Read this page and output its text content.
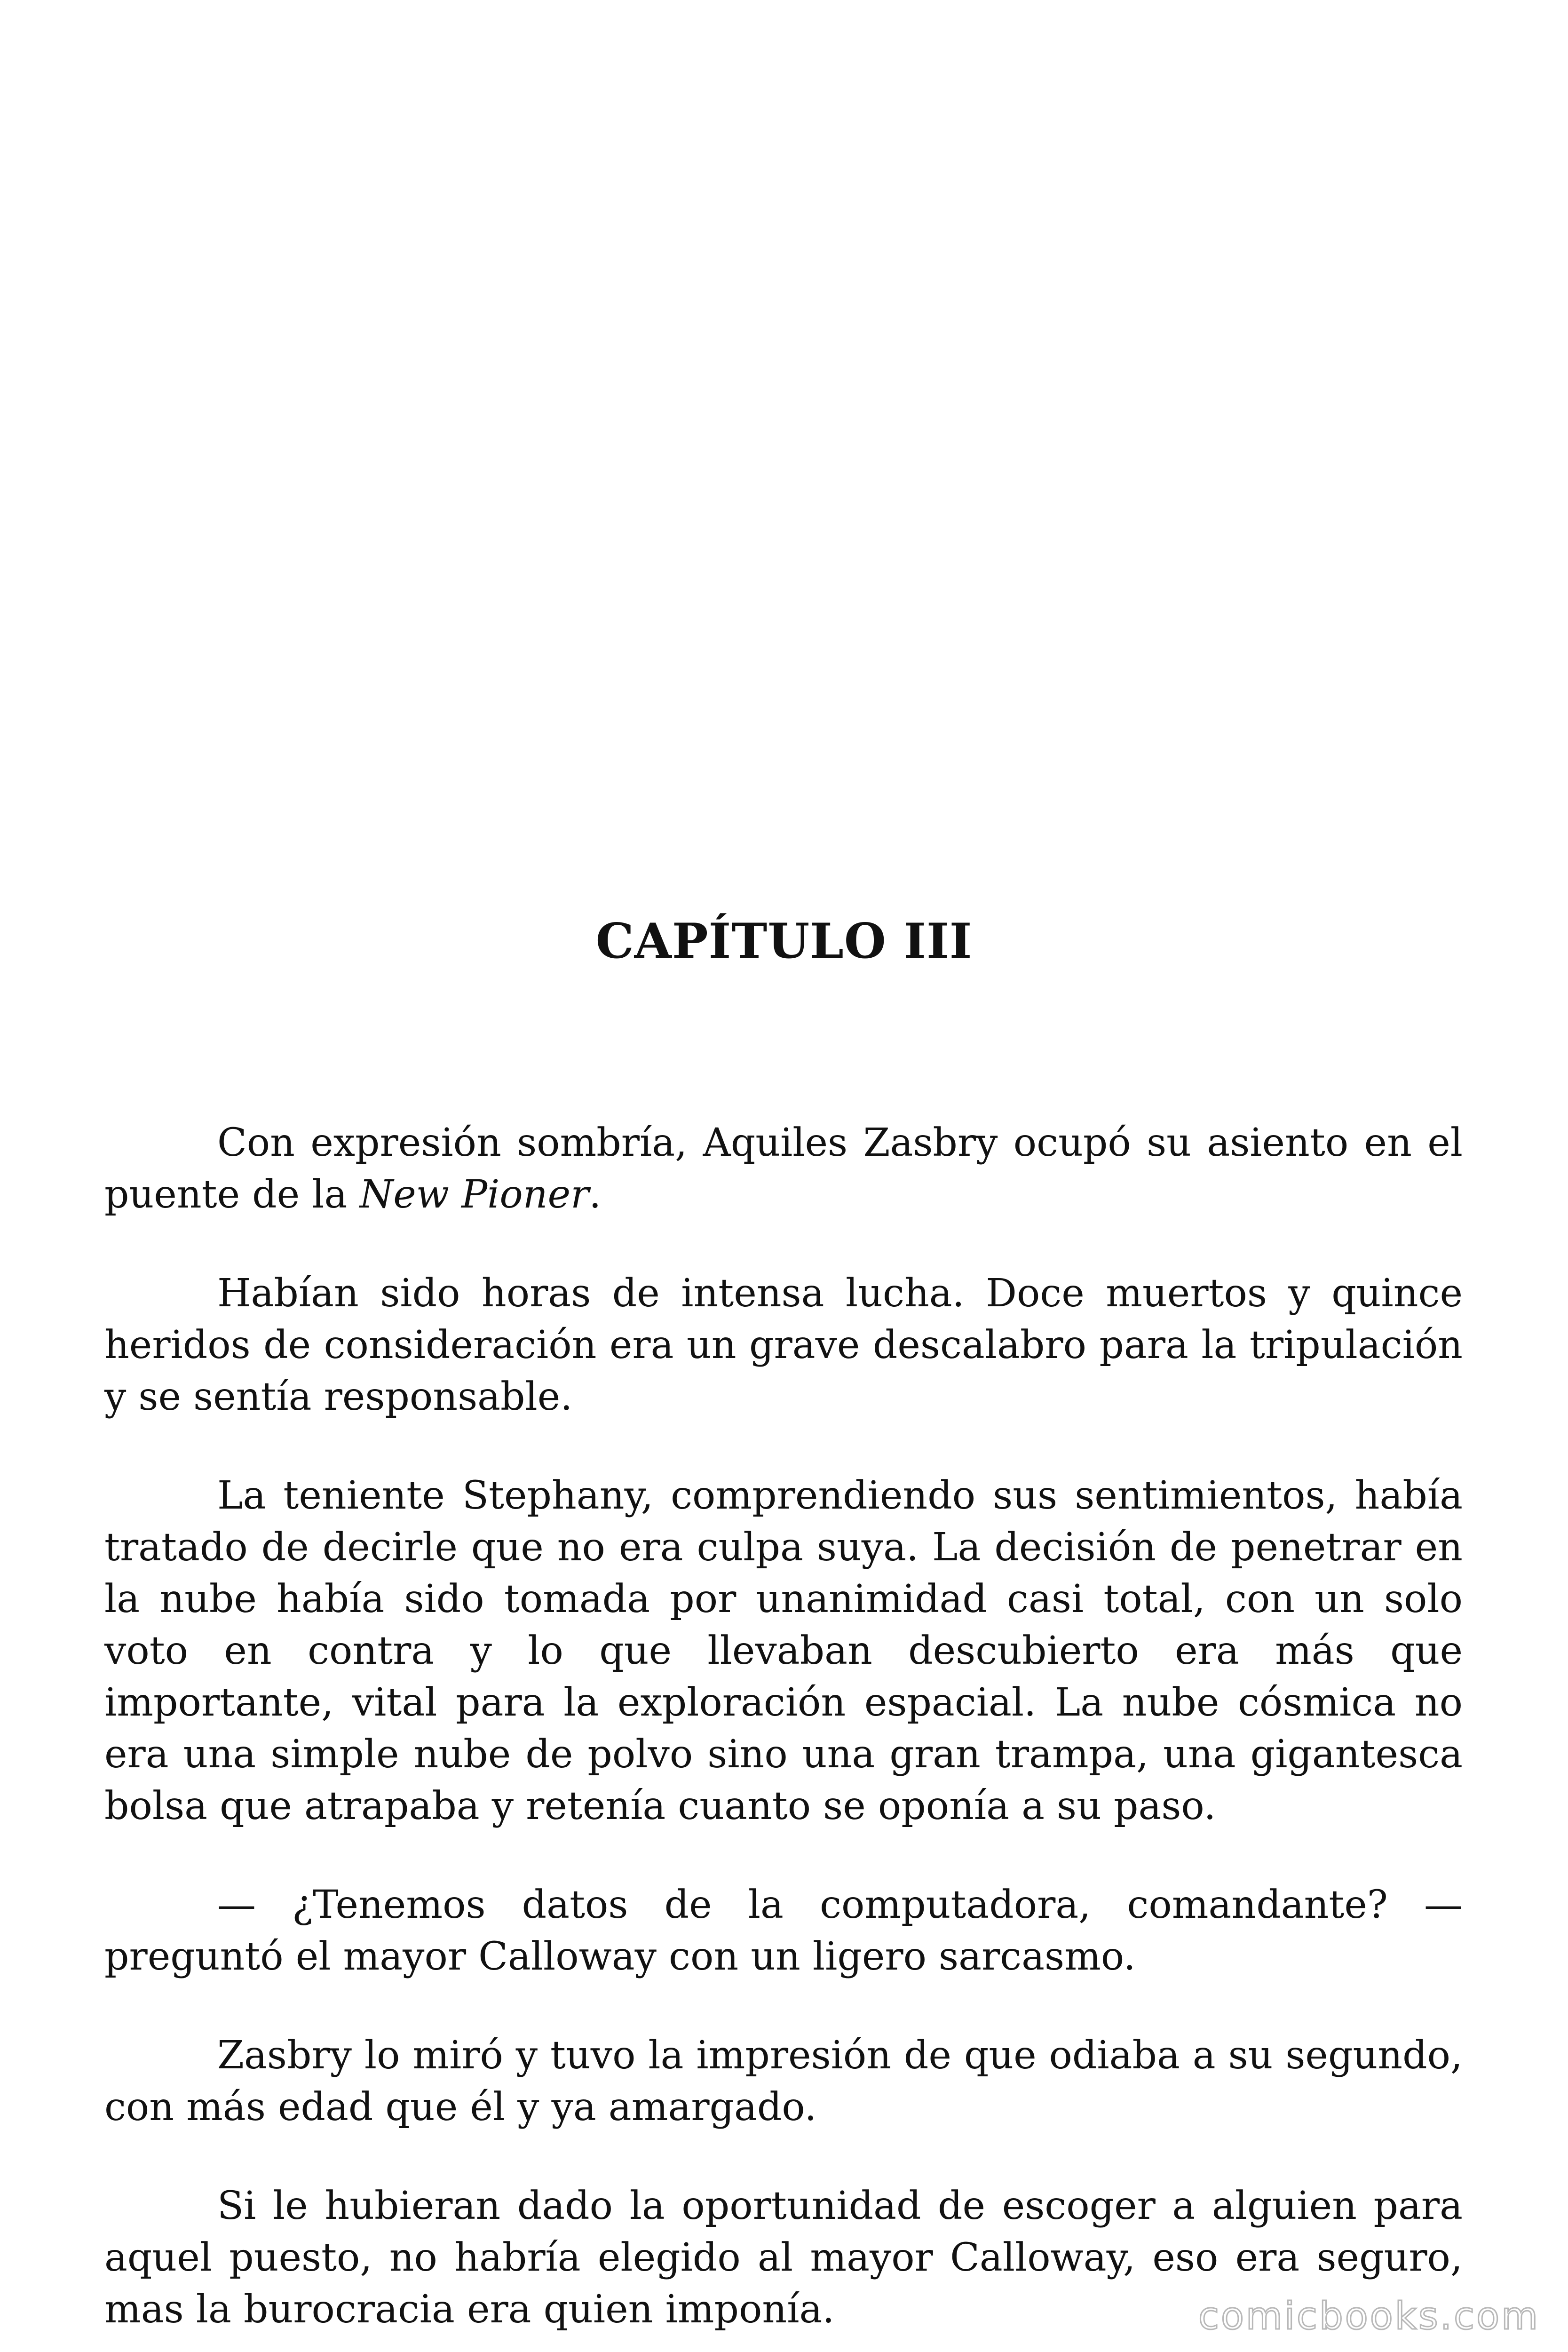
CAPÍTULO III

Con expresión sombría, Aquiles Zasbry ocupó su asiento en el puente de la New Pioner.

Habían sido horas de intensa lucha. Doce muertos y quince heridos de consideración era un grave descalabro para la tripulación y se sentía responsable.

La teniente Stephany, comprendiendo sus sentimientos, había tratado de decirle que no era culpa suya. La decisión de penetrar en la nube había sido tomada por unanimidad casi total, con un solo voto en contra y lo que llevaban descubierto era más que importante, vital para la exploración espacial. La nube cósmica no era una simple nube de polvo sino una gran trampa, una gigantesca bolsa que atrapaba y retenía cuanto se oponía a su paso.

— ¿Tenemos datos de la computadora, comandante? —preguntó el mayor Calloway con un ligero sarcasmo.

Zasbry lo miró y tuvo la impresión de que odiaba a su segundo, con más edad que él y ya amargado.

Si le hubieran dado la oportunidad de escoger a alguien para aquel puesto, no habría elegido al mayor Calloway, eso era seguro, mas la burocracia era quien imponía.	comicbooks.com
